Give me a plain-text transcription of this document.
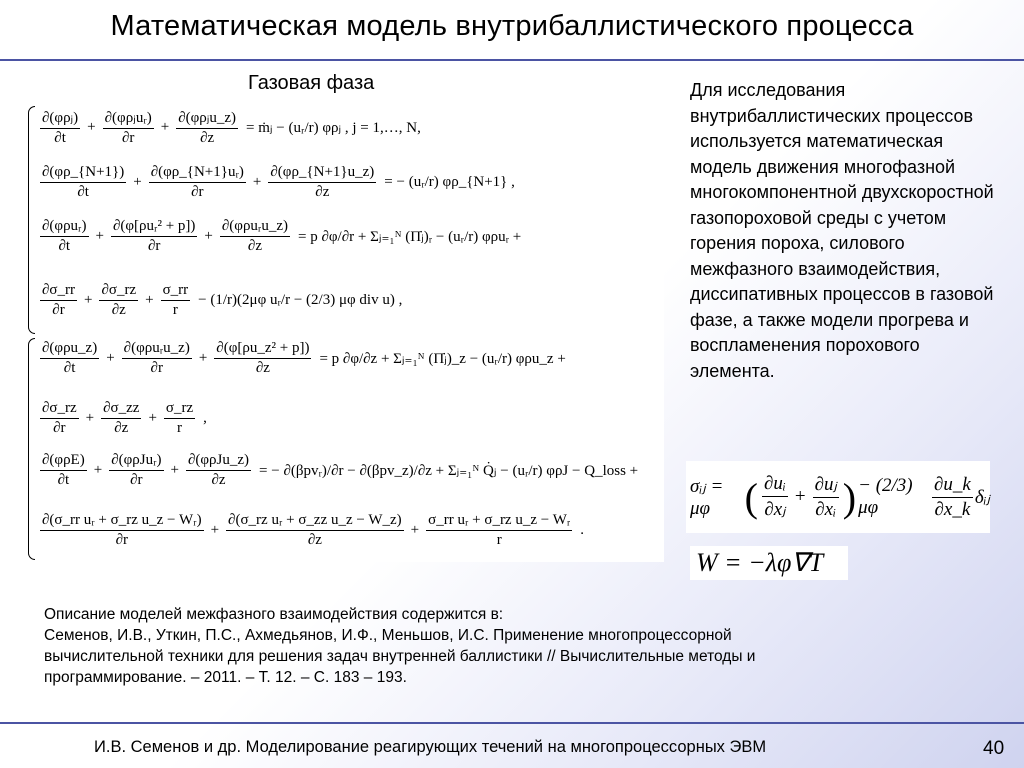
Математическая модель внутрибаллистического процесса
Газовая фаза
$\frac{\text{∂(φρⱼ)}}{\partial t} + \frac{\text{∂(φρⱼuᵣ)}}{\partial r} + \frac{\text{∂(φρⱼu\_z)}}{\partial z}$ = ṁⱼ − (uᵣ/r) φρⱼ , j = 1,…, N,
$\frac{\partial(\varphi\rho\_\{N+1\})}{\partial t} + \frac{\text{∂(φρ\_\{N+1\}uᵣ)}}{\partial r} + \frac{\partial(\varphi\rho\_\{N+1\}u\_z)}{\partial z}$ = − (uᵣ/r) φρ_{N+1} ,
$\frac{\text{∂(φρuᵣ)}}{\partial t} + \frac{\text{∂(φ[ρuᵣ² + p])}}{\partial r} + \frac{\text{∂(φρuᵣu\_z)}}{\partial z} = p$ ∂φ/∂r + Σⱼ₌₁ᴺ (Π̇ⱼ)ᵣ − (uᵣ/r) φρuᵣ +
$\frac{\partial\sigma\_rr}{\partial r} + \frac{\partial\sigma\_rz}{\partial z} + \frac{\sigma\_rr}{r} - (1/r)(2\mu\varphi$ uᵣ/r − (2/3) μφ div u) ,
$\frac{\text{∂(φρu\_z)}}{\partial t} + \frac{\text{∂(φρuᵣu\_z)}}{\partial r} + \frac{\text{∂(φ[ρu\_z² + p])}}{\partial z} = p$ ∂φ/∂z + Σⱼ₌₁ᴺ (Π̇ⱼ)_z − (uᵣ/r) φρu_z +
$\frac{\partial\sigma\_rz}{\partial r} + \frac{\partial\sigma\_zz}{\partial z} + \frac{\sigma\_rz}{r}$ ,
$\frac{\text{∂(φρE)}}{\partial t} + \frac{\text{∂(φρJuᵣ)}}{\partial r} + \frac{\text{∂(φρJu\_z)}}{\partial z}$ = − ∂(βpvᵣ)/∂r − ∂(βpv_z)/∂z + Σⱼ₌₁ᴺ Q̇ⱼ − (uᵣ/r) φρJ − Q_loss +
$\frac{\text{∂(σ\_rr uᵣ + σ\_rz u\_z − Wᵣ)}}{\partial r} + \frac{\text{∂(σ\_rz uᵣ + σ\_zz u\_z − W\_z)}}{\partial z} + \frac{\text{σ\_rr uᵣ + σ\_rz u\_z − Wᵣ}}{r}$ .
Для исследования внутрибаллистических процессов используется математическая модель движения многофазной многокомпонентной двухскоростной газопороховой среды с учетом горения пороха, силового межфазного взаимодействия, диссипативных процессов в газовой фазе, а также модели прогрева и воспламенения порохового элемента.
σᵢⱼ = μφ ( $\frac{\text{∂uᵢ}}{\text{∂xⱼ}} + \frac{\text{∂uⱼ}}{\text{∂xᵢ}}$ ) − (2/3) μφ	$\frac{\partial u\_k}{\partial x\_k}$ δᵢⱼ
W = −λφ∇T
Описание моделей межфазного взаимодействия содержится в:
Семенов, И.В., Уткин, П.С., Ахмедьянов, И.Ф., Меньшов, И.С. Применение многопроцессорной
вычислительной техники для решения задач внутренней баллистики // Вычислительные методы и
программирование. – 2011. – Т. 12. – С. 183 – 193.
И.В. Семенов и др. Моделирование реагирующих течений на многопроцессорных ЭВМ	40
